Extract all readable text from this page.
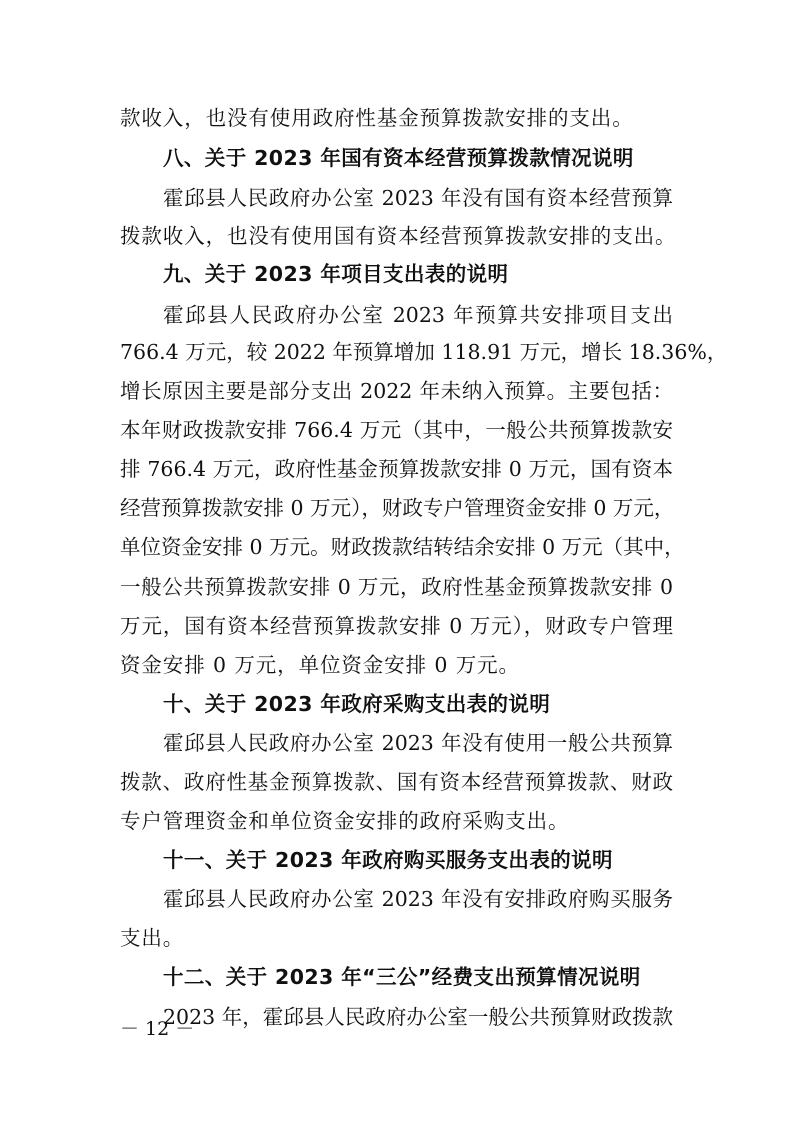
款收入，也没有使用政府性基金预算拨款安排的支出。
八、关于 2023 年国有资本经营预算拨款情况说明
霍邱县人民政府办公室 2023 年没有国有资本经营预算
拨款收入，也没有使用国有资本经营预算拨款安排的支出。
九、关于 2023 年项目支出表的说明
霍邱县人民政府办公室 2023 年预算共安排项目支出
766.4 万元，较 2022 年预算增加 118.91 万元，增长 18.36%，
增长原因主要是部分支出 2022 年未纳入预算。主要包括：
本年财政拨款安排 766.4 万元（其中，一般公共预算拨款安
排 766.4 万元，政府性基金预算拨款安排 0 万元，国有资本
经营预算拨款安排 0 万元），财政专户管理资金安排 0 万元，
单位资金安排 0 万元。财政拨款结转结余安排 0 万元（其中，
一般公共预算拨款安排 0 万元，政府性基金预算拨款安排 0
万元，国有资本经营预算拨款安排 0 万元），财政专户管理
资金安排 0 万元，单位资金安排 0 万元。
十、关于 2023 年政府采购支出表的说明
霍邱县人民政府办公室 2023 年没有使用一般公共预算
拨款、政府性基金预算拨款、国有资本经营预算拨款、财政
专户管理资金和单位资金安排的政府采购支出。
十一、关于 2023 年政府购买服务支出表的说明
霍邱县人民政府办公室 2023 年没有安排政府购买服务
支出。
十二、关于 2023 年“三公”经费支出预算情况说明
2023 年，霍邱县人民政府办公室一般公共预算财政拨款
－ 12 －
